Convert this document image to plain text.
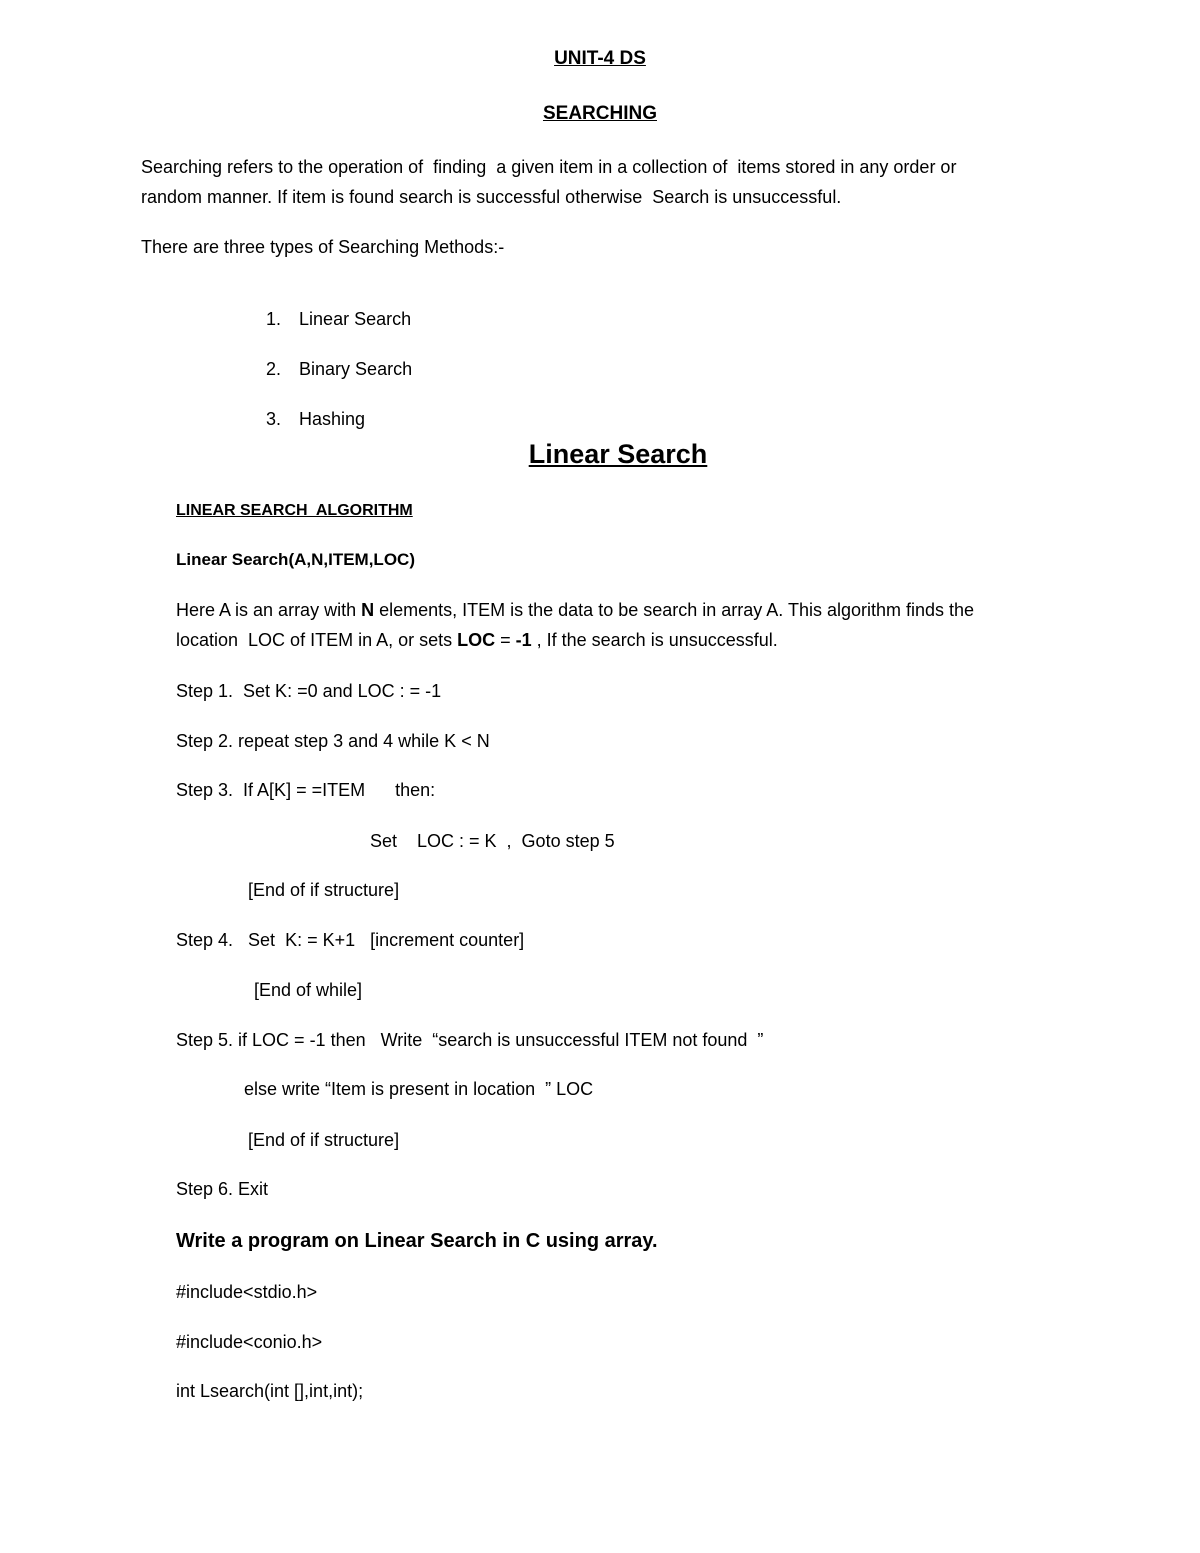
UNIT-4 DS
SEARCHING
Searching refers to the operation of  finding  a given item in a collection of  items stored in any order or
random manner. If item is found search is successful otherwise  Search is unsuccessful.
There are three types of Searching Methods:-

1. Linear Search

2. Binary Search

3. Hashing

Linear Search
LINEAR SEARCH  ALGORITHM
Linear Search(A,N,ITEM,LOC)
Here A is an array with N elements, ITEM is the data to be search in array A. This algorithm finds the
location  LOC of ITEM in A, or sets LOC = -1 , If the search is unsuccessful.
Step 1.  Set K: =0 and LOC : = -1
Step 2. repeat step 3 and 4 while K < N
Step 3.  If A[K] = =ITEM      then:
Set    LOC : = K  ,  Goto step 5
[End of if structure]
Step 4.   Set  K: = K+1   [increment counter]
[End of while]
Step 5. if LOC = -1 then   Write  “search is unsuccessful ITEM not found  ”
else write “Item is present in location  ” LOC
[End of if structure]
Step 6. Exit
Write a program on Linear Search in C using array.
#include<stdio.h>
#include<conio.h>
int Lsearch(int [],int,int);
